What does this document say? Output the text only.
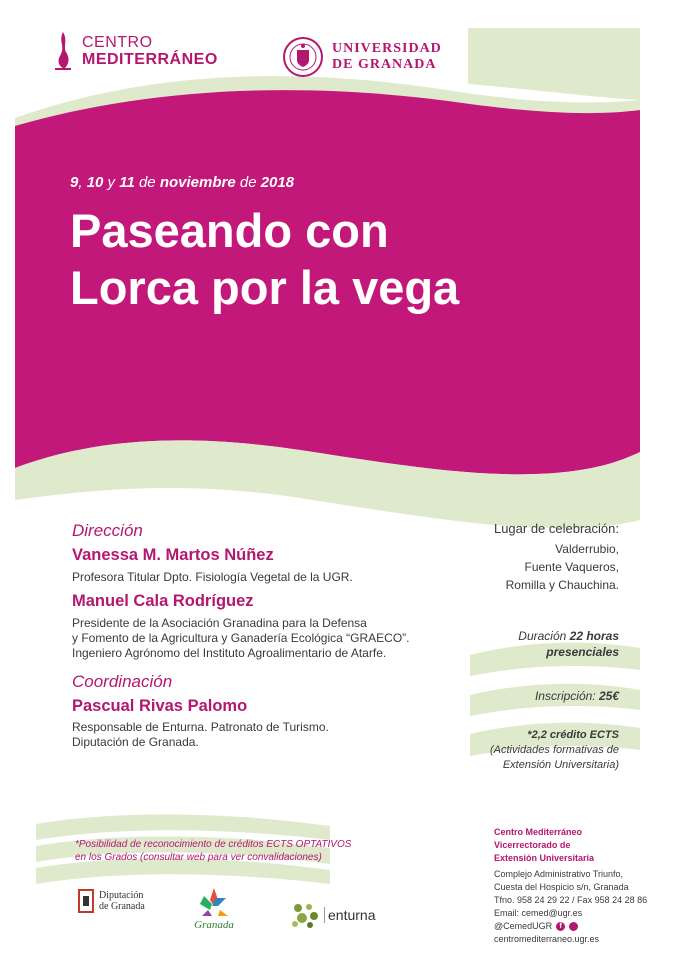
CENTRO
MEDITERRÁNEO
UNIVERSIDAD
DE GRANADA
9, 10 y 11 de noviembre de 2018
Paseando con
Lorca por la vega
Dirección
Vanessa M. Martos Núñez
Profesora Titular Dpto. Fisiología Vegetal de la UGR.
Manuel Cala Rodríguez
Presidente de la Asociación Granadina para la Defensa
y Fomento de la Agricultura y Ganadería Ecológica “GRAECO”.
Ingeniero Agrónomo del Instituto Agroalimentario de Atarfe.
Coordinación
Pascual Rivas Palomo
Responsable de Enturna. Patronato de Turismo.
Diputación de Granada.
Lugar de celebración:
Valderrubio,
Fuente Vaqueros,
Romilla y Chauchina.
Duración 22 horas
presenciales
Inscripción: 25€
*2,2 crédito ECTS
(Actividades formativas de
Extensión Universitaria)
*Posibilidad de reconocimiento de créditos ECTS OPTATIVOS
en los Grados (consultar web para ver convalidaciones)
Centro Mediterráneo
Vicerrectorado de
Extensión Universitaria
Complejo Administrativo Triunfo,
Cuesta del Hospicio s/n, Granada
Tfno. 958 24 29 22 / Fax 958 24 28 86
Email: cemed@ugr.es
@CemedUGR	f
centromediterraneo.ugr.es
Diputación
de Granada
Granada
enturna
